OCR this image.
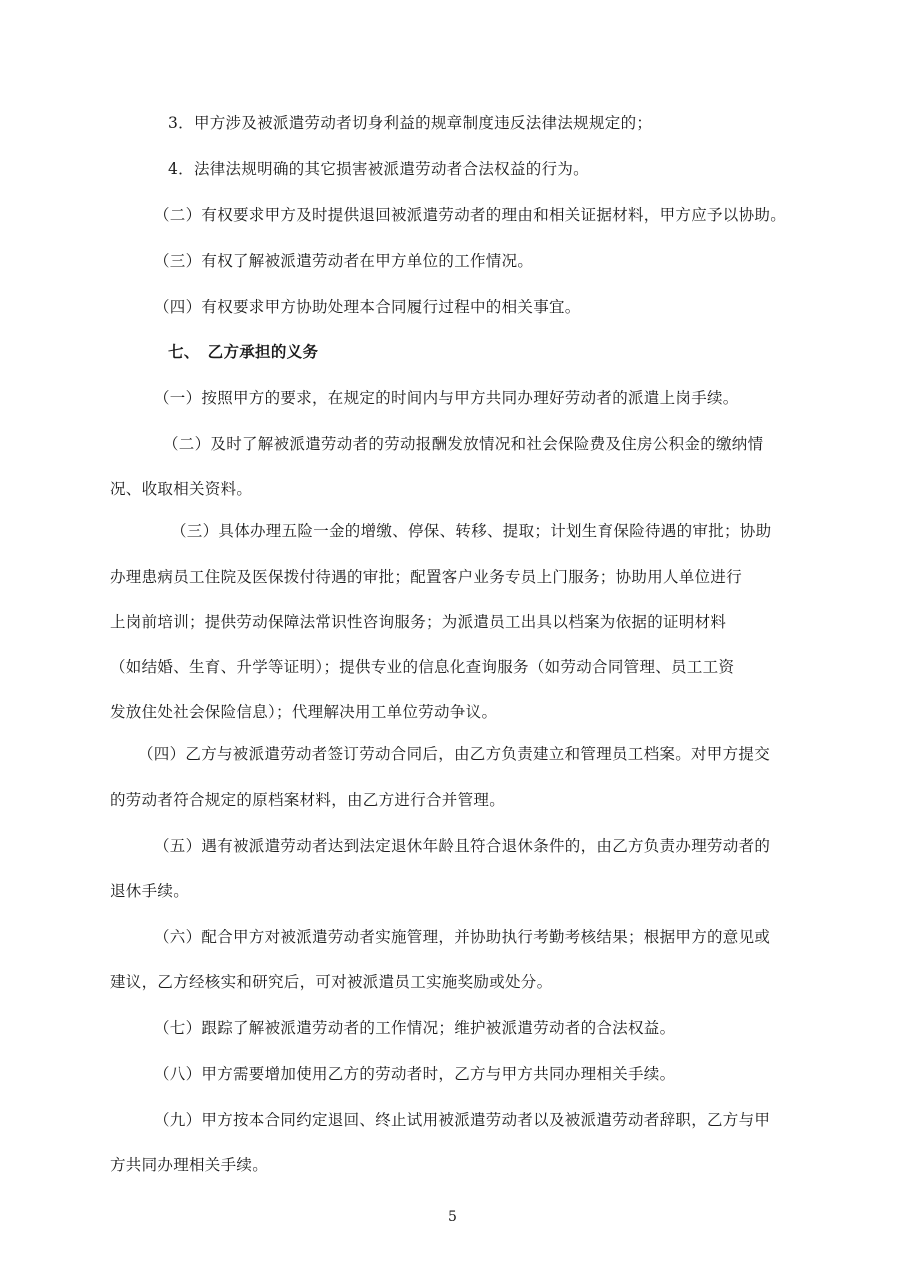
3．甲方涉及被派遣劳动者切身利益的规章制度违反法律法规规定的；
4．法律法规明确的其它损害被派遣劳动者合法权益的行为。
（二）有权要求甲方及时提供退回被派遣劳动者的理由和相关证据材料，甲方应予以协助。
（三）有权了解被派遣劳动者在甲方单位的工作情况。
（四）有权要求甲方协助处理本合同履行过程中的相关事宜。
七、　乙方承担的义务
（一）按照甲方的要求，在规定的时间内与甲方共同办理好劳动者的派遣上岗手续。
（二）及时了解被派遣劳动者的劳动报酬发放情况和社会保险费及住房公积金的缴纳情
况、收取相关资料。
（三）具体办理五险一金的增缴、停保、转移、提取；计划生育保险待遇的审批；协助
办理患病员工住院及医保拨付待遇的审批；配置客户业务专员上门服务；协助用人单位进行
上岗前培训；提供劳动保障法常识性咨询服务；为派遣员工出具以档案为依据的证明材料
（如结婚、生育、升学等证明）；提供专业的信息化查询服务（如劳动合同管理、员工工资
发放住处社会保险信息）；代理解决用工单位劳动争议。
（四）乙方与被派遣劳动者签订劳动合同后，由乙方负责建立和管理员工档案。对甲方提交
的劳动者符合规定的原档案材料，由乙方进行合并管理。
（五）遇有被派遣劳动者达到法定退休年龄且符合退休条件的，由乙方负责办理劳动者的
退休手续。
（六）配合甲方对被派遣劳动者实施管理，并协助执行考勤考核结果；根据甲方的意见或
建议，乙方经核实和研究后，可对被派遣员工实施奖励或处分。
（七）跟踪了解被派遣劳动者的工作情况；维护被派遣劳动者的合法权益。
（八）甲方需要增加使用乙方的劳动者时，乙方与甲方共同办理相关手续。
（九）甲方按本合同约定退回、终止试用被派遣劳动者以及被派遣劳动者辞职，乙方与甲
方共同办理相关手续。
5
